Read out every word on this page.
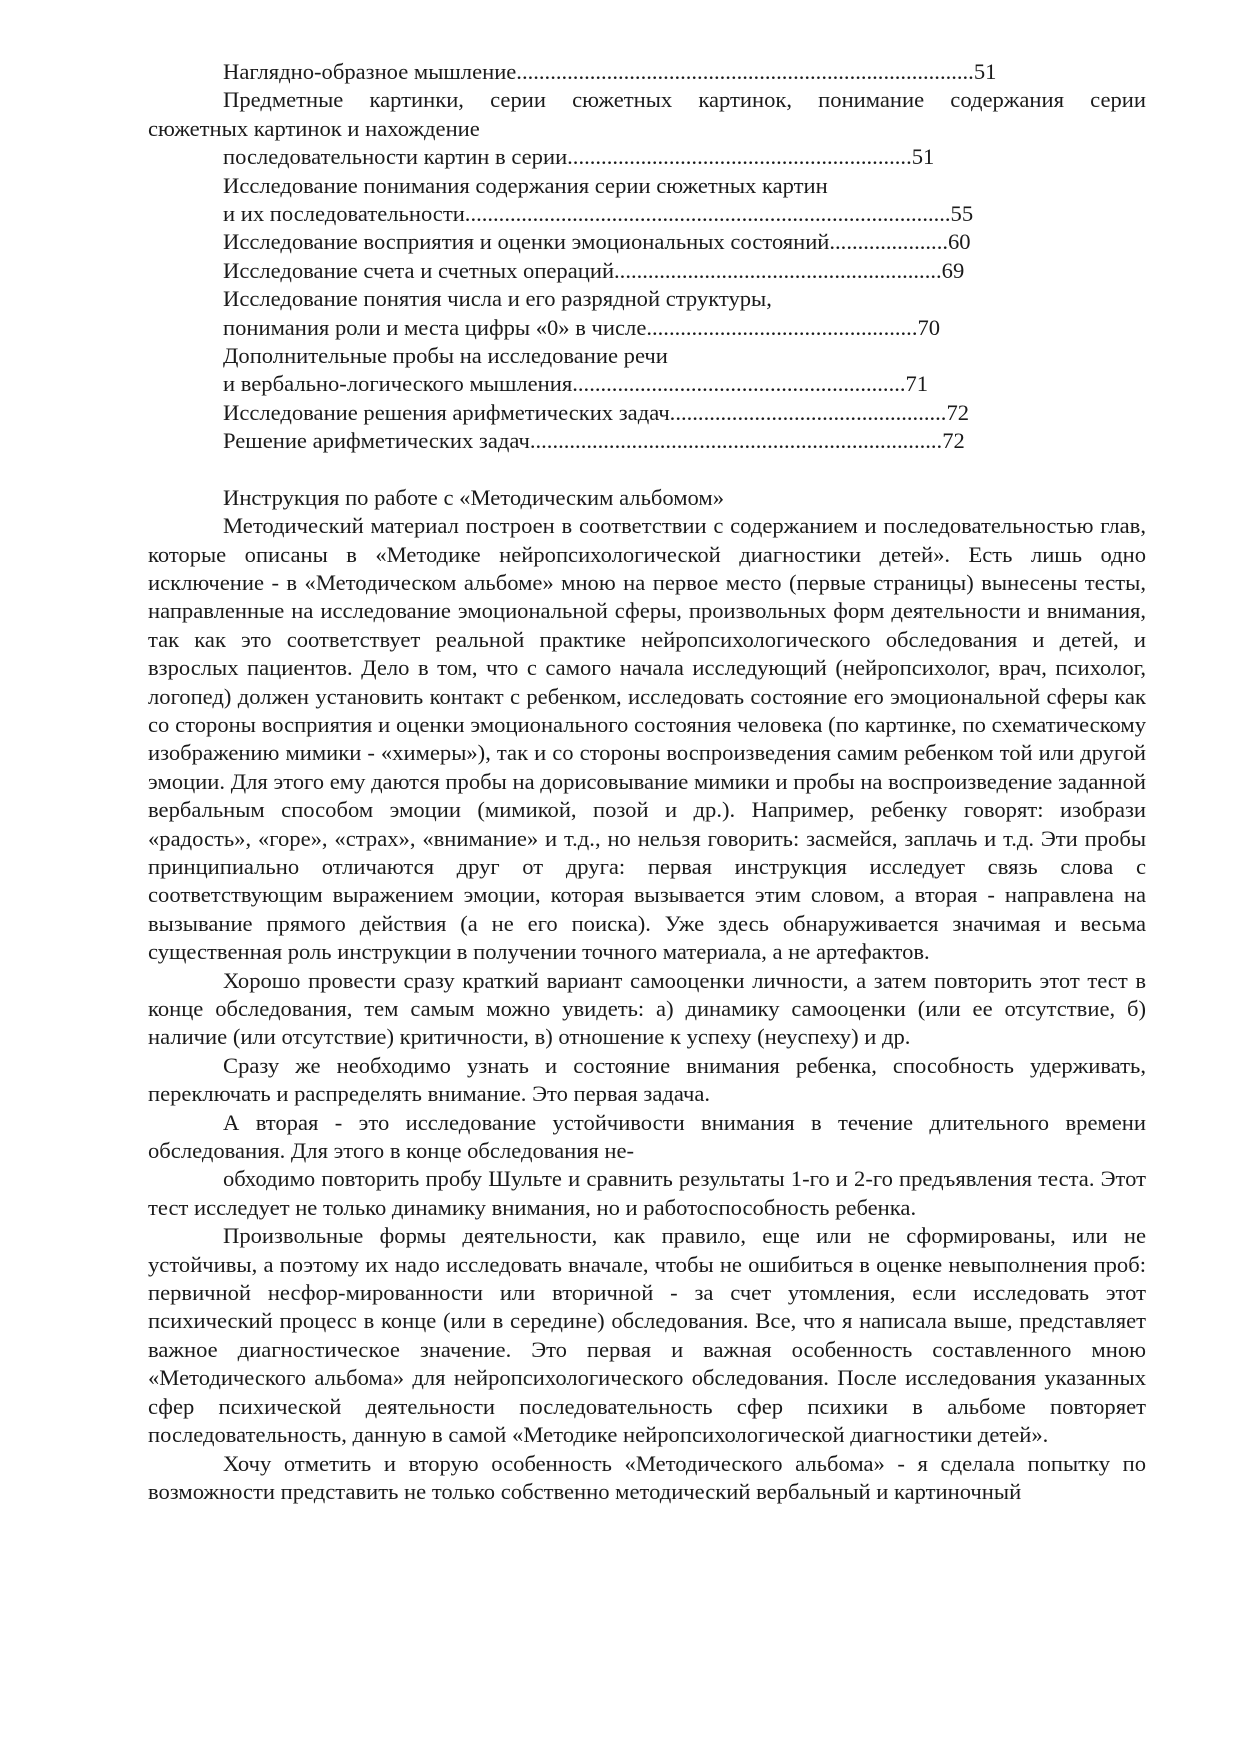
Наглядно-образное мышление.................................................................................51
Предметные картинки, серии сюжетных картинок, понимание содержания серии
сюжетных картинок и нахождение
последовательности картин в серии.............................................................51
Исследование понимания содержания серии сюжетных картин
и их последовательности......................................................................................55
Исследование восприятия и оценки эмоциональных состояний.....................60
Исследование счета и счетных операций..........................................................69
Исследование понятия числа и его разрядной структуры,
понимания роли и места цифры «0» в числе................................................70
Дополнительные пробы на исследование речи
и вербально-логического мышления...........................................................71
Исследование решения арифметических задач.................................................72
Решение арифметических задач.........................................................................72
Инструкция по работе с «Методическим альбомом»

Методический материал построен в соответствии с содержанием и последовательностью глав, которые описаны в «Методике нейропсихологической диагностики детей». Есть лишь одно исключение - в «Методическом альбоме» мною на первое место (первые страницы) вынесены тесты, направленные на исследование эмоциональной сферы, произвольных форм деятельности и внимания, так как это соответствует реальной практике нейропсихологического обследования и детей, и взрослых пациентов. Дело в том, что с самого начала исследующий (нейропсихолог, врач, психолог, логопед) должен установить контакт с ребенком, исследовать состояние его эмоциональной сферы как со стороны восприятия и оценки эмоционального состояния человека (по картинке, по схематическому изображению мимики - «химеры»), так и со стороны воспроизведения самим ребенком той или другой эмоции. Для этого ему даются пробы на дорисовывание мимики и пробы на воспроизведение заданной вербальным способом эмоции (мимикой, позой и др.). Например, ребенку говорят: изобрази «радость», «горе», «страх», «внимание» и т.д., но нельзя говорить: засмейся, заплачь и т.д. Эти пробы принципиально отличаются друг от друга: первая инструкция исследует связь слова с соответствующим выражением эмоции, которая вызывается этим словом, а вторая - направлена на вызывание прямого действия (а не его поиска). Уже здесь обнаруживается значимая и весьма существенная роль инструкции в получении точного материала, а не артефактов.

Хорошо провести сразу краткий вариант самооценки личности, а затем повторить этот тест в конце обследования, тем самым можно увидеть: а) динамику самооценки (или ее отсутствие, б) наличие (или отсутствие) критичности, в) отношение к успеху (неуспеху) и др.

Сразу же необходимо узнать и состояние внимания ребенка, способность удерживать, переключать и распределять внимание. Это первая задача.

А вторая - это исследование устойчивости внимания в течение длительного времени обследования. Для этого в конце обследования не-

обходимо повторить пробу Шульте и сравнить результаты 1-го и 2-го предъявления теста. Этот тест исследует не только динамику внимания, но и работоспособность ребенка.

Произвольные формы деятельности, как правило, еще или не сформированы, или не устойчивы, а поэтому их надо исследовать вначале, чтобы не ошибиться в оценке невыполнения проб: первичной несфор-мированности или вторичной - за счет утомления, если исследовать этот психический процесс в конце (или в середине) обследования. Все, что я написала выше, представляет важное диагностическое значение. Это первая и важная особенность составленного мною «Методического альбома» для нейропсихологического обследования. После исследования указанных сфер психической деятельности последовательность сфер психики в альбоме повторяет последовательность, данную в самой «Методике нейропсихологической диагностики детей».

Хочу отметить и вторую особенность «Методического альбома» - я сделала попытку по возможности представить не только собственно методический вербальный и картиночный
